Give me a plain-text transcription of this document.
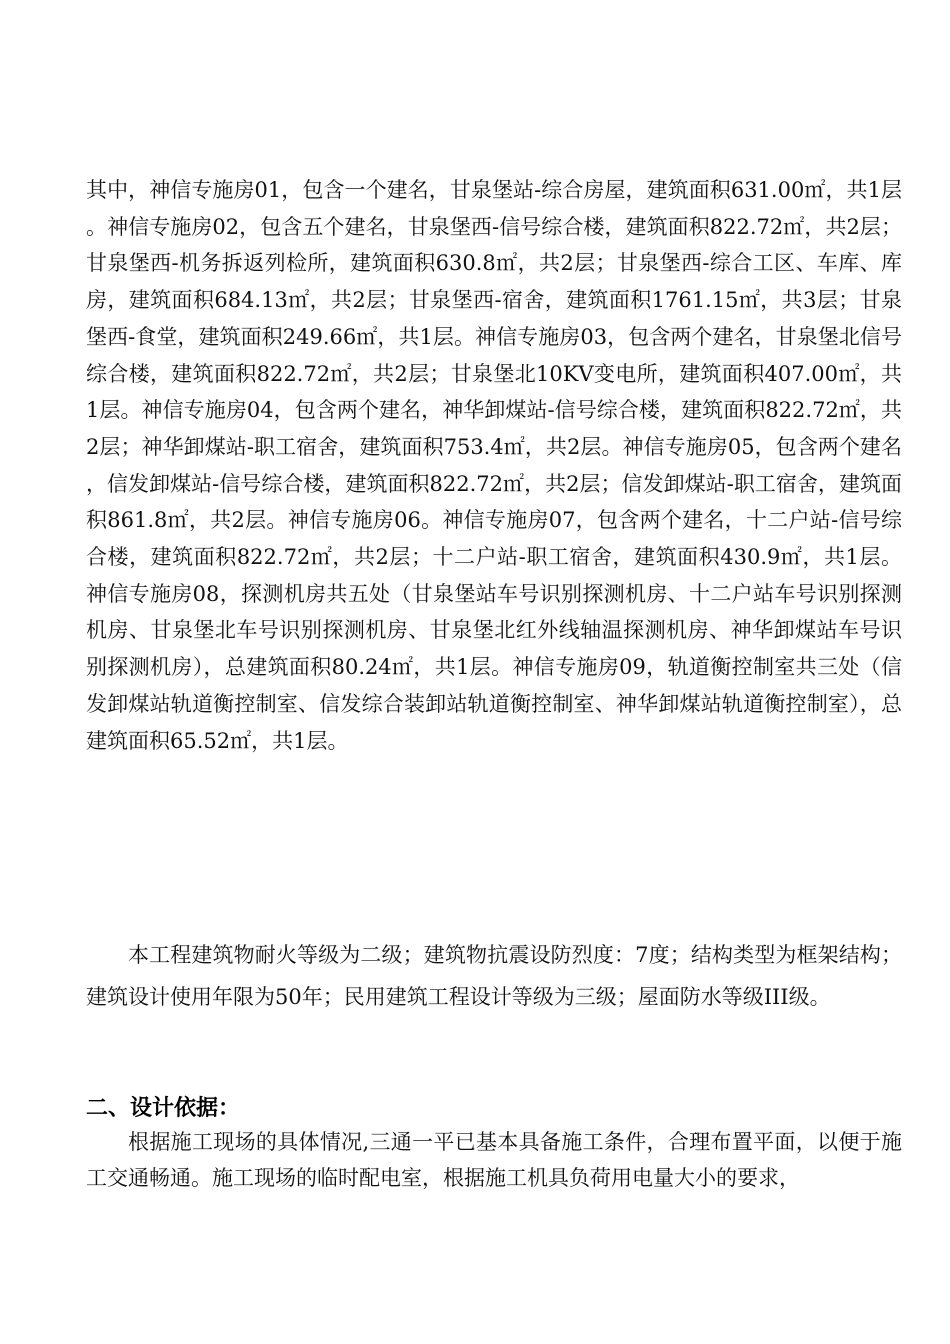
其中，神信专施房01，包含一个建名，甘泉堡站-综合房屋，建筑面积631.00㎡，共1层。神信专施房02，包含五个建名，甘泉堡西-信号综合楼，建筑面积822.72㎡，共2层；甘泉堡西-机务拆返列检所，建筑面积630.8㎡，共2层；甘泉堡西-综合工区、车库、库房，建筑面积684.13㎡，共2层；甘泉堡西-宿舍，建筑面积1761.15㎡，共3层；甘泉堡西-食堂，建筑面积249.66㎡，共1层。神信专施房03，包含两个建名，甘泉堡北信号综合楼，建筑面积822.72㎡，共2层；甘泉堡北10KV变电所，建筑面积407.00㎡，共1层。神信专施房04，包含两个建名，神华卸煤站-信号综合楼，建筑面积822.72㎡，共2层；神华卸煤站-职工宿舍，建筑面积753.4㎡，共2层。神信专施房05，包含两个建名，信发卸煤站-信号综合楼，建筑面积822.72㎡，共2层；信发卸煤站-职工宿舍，建筑面积861.8㎡，共2层。神信专施房06。神信专施房07，包含两个建名，十二户站-信号综合楼，建筑面积822.72㎡，共2层；十二户站-职工宿舍，建筑面积430.9㎡，共1层。神信专施房08，探测机房共五处（甘泉堡站车号识别探测机房、十二户站车号识别探测机房、甘泉堡北车号识别探测机房、甘泉堡北红外线轴温探测机房、神华卸煤站车号识别探测机房），总建筑面积80.24㎡，共1层。神信专施房09，轨道衡控制室共三处（信发卸煤站轨道衡控制室、信发综合装卸站轨道衡控制室、神华卸煤站轨道衡控制室），总建筑面积65.52㎡，共1层。

本工程建筑物耐火等级为二级；建筑物抗震设防烈度：7度；结构类型为框架结构；建筑设计使用年限为50年；民用建筑工程设计等级为三级；屋面防水等级III级。

二、设计依据：

根据施工现场的具体情况,三通一平已基本具备施工条件，合理布置平面，以便于施工交通畅通。施工现场的临时配电室，根据施工机具负荷用电量大小的要求，
